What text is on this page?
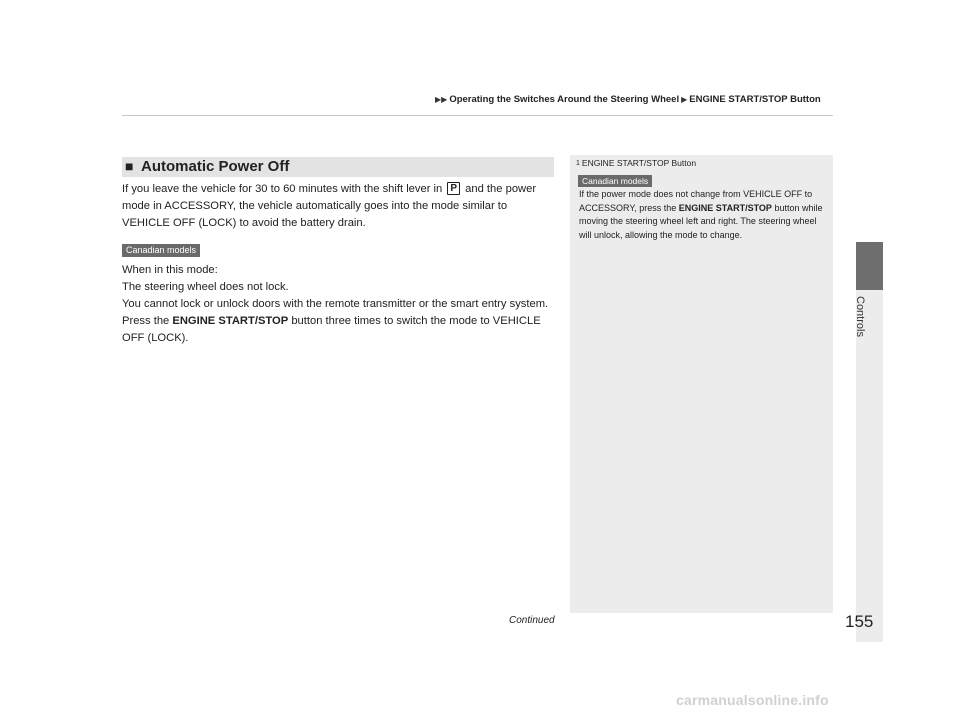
▶▶ Operating the Switches Around the Steering Wheel ▶ ENGINE START/STOP Button
Controls
■ Automatic Power Off
If you leave the vehicle for 30 to 60 minutes with the shift lever in P and the power mode in ACCESSORY, the vehicle automatically goes into the mode similar to VEHICLE OFF (LOCK) to avoid the battery drain.
Canadian models
When in this mode:
The steering wheel does not lock.
You cannot lock or unlock doors with the remote transmitter or the smart entry system.
Press the ENGINE START/STOP button three times to switch the mode to VEHICLE OFF (LOCK).
1 ENGINE START/STOP Button
Canadian models
If the power mode does not change from VEHICLE OFF to ACCESSORY, press the ENGINE START/STOP button while moving the steering wheel left and right. The steering wheel will unlock, allowing the mode to change.
Continued	155
carmanualsonline.info
